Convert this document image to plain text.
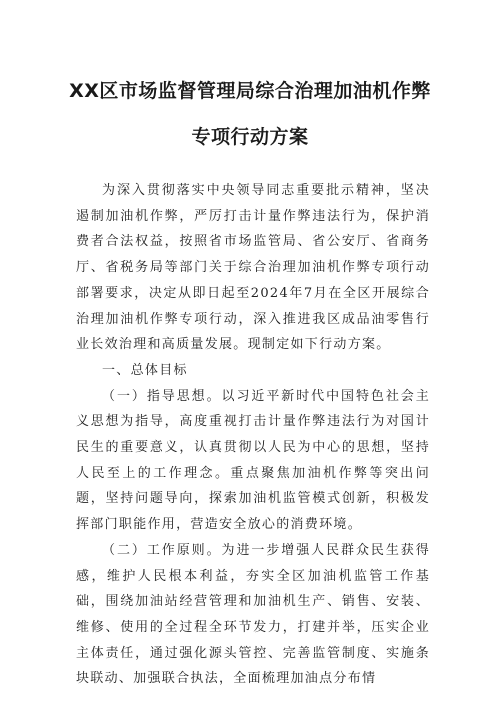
XX区市场监督管理局综合治理加油机作弊
专项行动方案

为深入贯彻落实中央领导同志重要批示精神，坚决遏制加油机作弊，严厉打击计量作弊违法行为，保护消费者合法权益，按照省市场监管局、省公安厅、省商务厅、省税务局等部门关于综合治理加油机作弊专项行动部署要求，决定从即日起至2024年7月在全区开展综合治理加油机作弊专项行动，深入推进我区成品油零售行业长效治理和高质量发展。现制定如下行动方案。

一、总体目标

（一）指导思想。以习近平新时代中国特色社会主义思想为指导，高度重视打击计量作弊违法行为对国计民生的重要意义，认真贯彻以人民为中心的思想，坚持人民至上的工作理念。重点聚焦加油机作弊等突出问题，坚持问题导向，探索加油机监管模式创新，积极发挥部门职能作用，营造安全放心的消费环境。

（二）工作原则。为进一步增强人民群众民生获得感，维护人民根本利益，夯实全区加油机监管工作基础，围绕加油站经营管理和加油机生产、销售、安装、维修、使用的全过程全环节发力，打建并举，压实企业主体责任，通过强化源头管控、完善监管制度、实施条块联动、加强联合执法，全面梳理加油点分布情
